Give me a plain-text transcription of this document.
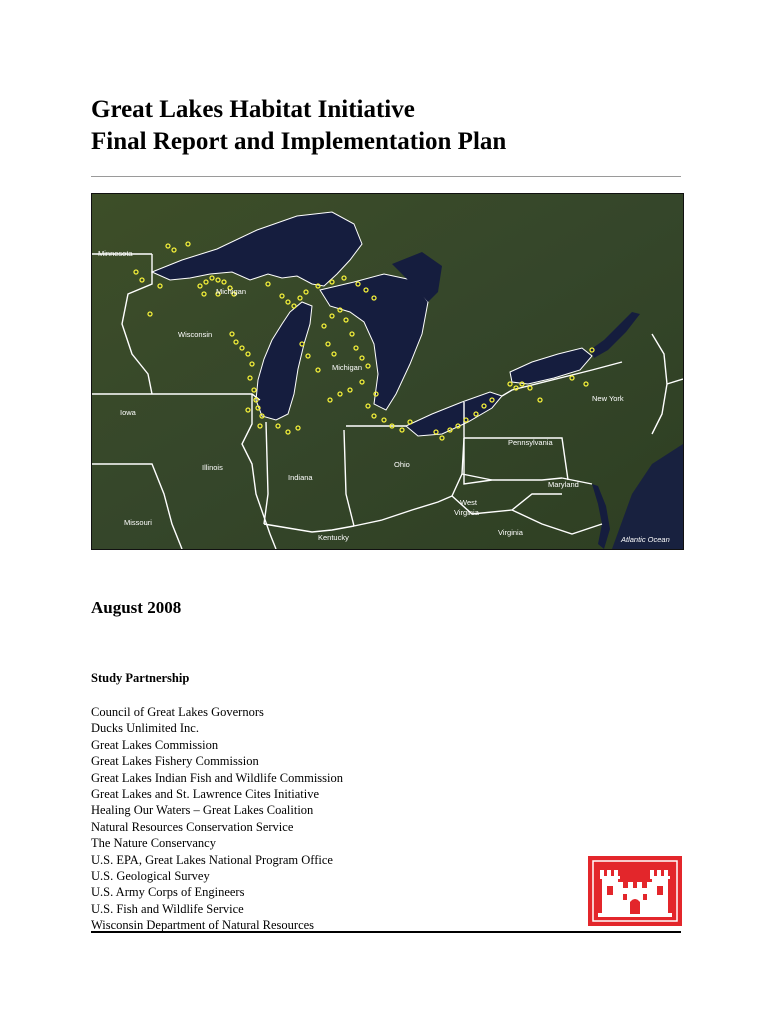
Great Lakes Habitat Initiative
Final Report and Implementation Plan
Minnesota
Michigan
Wisconsin
Michigan
Iowa
New York
Pennsylvania
Illinois
Indiana
Ohio
Maryland
West
Virginia
Missouri
Virginia
Kentucky	Atlantic Ocean
August 2008
Study Partnership
Council of Great Lakes Governors
Ducks Unlimited Inc.
Great Lakes Commission
Great Lakes Fishery Commission
Great Lakes Indian Fish and Wildlife Commission
Great Lakes and St. Lawrence Cites Initiative
Healing Our Waters – Great Lakes Coalition
Natural Resources Conservation Service
The Nature Conservancy
U.S. EPA, Great Lakes National Program Office
U.S. Geological Survey
U.S. Army Corps of Engineers
U.S. Fish and Wildlife Service
Wisconsin Department of Natural Resources
